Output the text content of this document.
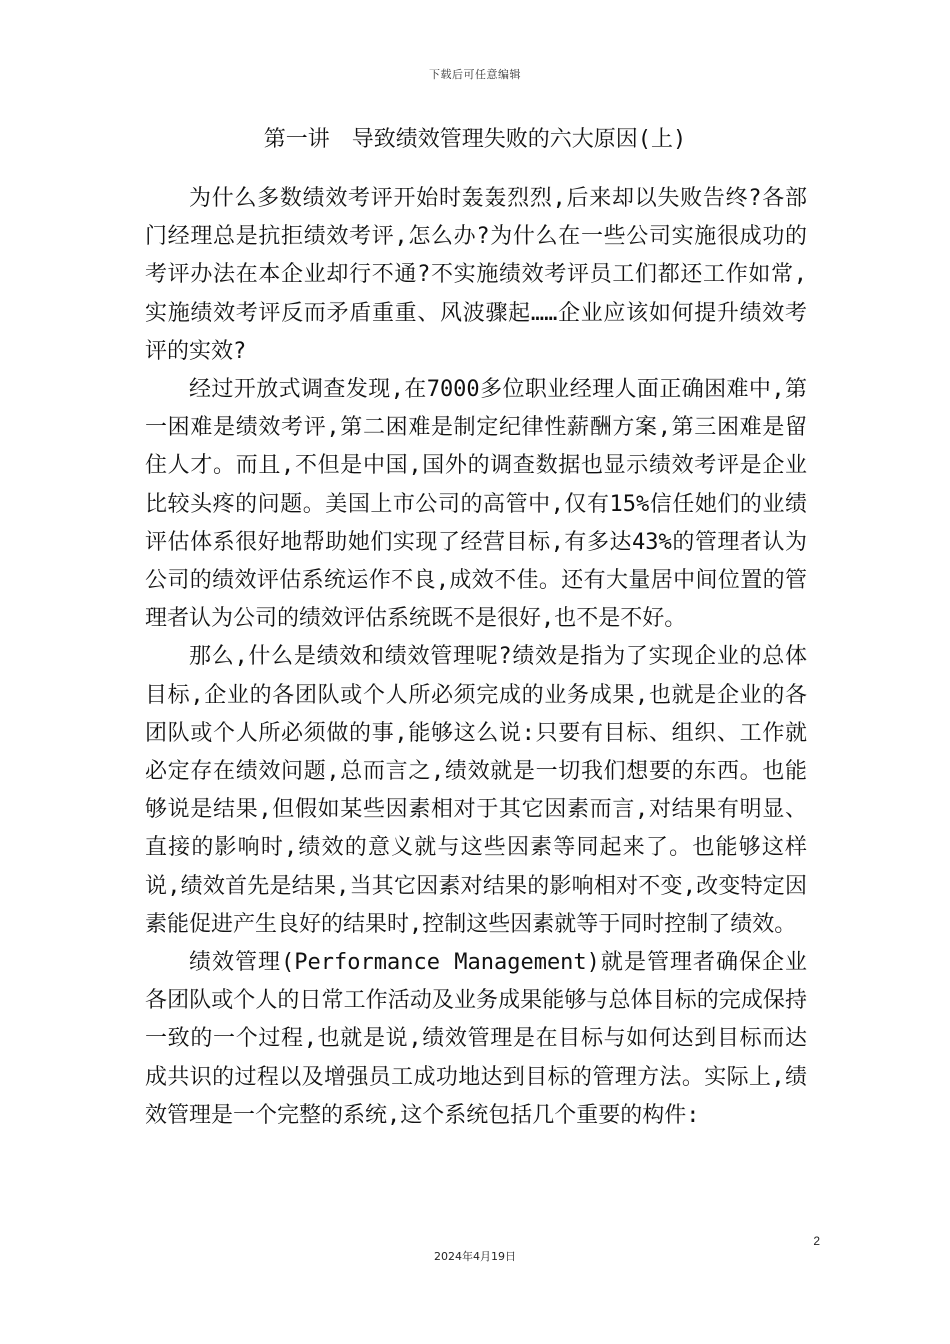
下载后可任意编辑
第一讲　导致绩效管理失败的六大原因(上)

为什么多数绩效考评开始时轰轰烈烈,后来却以失败告终?各部门经理总是抗拒绩效考评,怎么办?为什么在一些公司实施很成功的考评办法在本企业却行不通?不实施绩效考评员工们都还工作如常,实施绩效考评反而矛盾重重、风波骤起……企业应该如何提升绩效考评的实效?

经过开放式调查发现,在7000多位职业经理人面正确困难中,第一困难是绩效考评,第二困难是制定纪律性薪酬方案,第三困难是留住人才。而且,不但是中国,国外的调查数据也显示绩效考评是企业比较头疼的问题。美国上市公司的高管中,仅有15%信任她们的业绩评估体系很好地帮助她们实现了经营目标,有多达43%的管理者认为公司的绩效评估系统运作不良,成效不佳。还有大量居中间位置的管理者认为公司的绩效评估系统既不是很好,也不是不好。

那么,什么是绩效和绩效管理呢?绩效是指为了实现企业的总体目标,企业的各团队或个人所必须完成的业务成果,也就是企业的各团队或个人所必须做的事,能够这么说:只要有目标、组织、工作就必定存在绩效问题,总而言之,绩效就是一切我们想要的东西。也能够说是结果,但假如某些因素相对于其它因素而言,对结果有明显、直接的影响时,绩效的意义就与这些因素等同起来了。也能够这样说,绩效首先是结果,当其它因素对结果的影响相对不变,改变特定因素能促进产生良好的结果时,控制这些因素就等于同时控制了绩效。

绩效管理(Performance Management)就是管理者确保企业各团队或个人的日常工作活动及业务成果能够与总体目标的完成保持一致的一个过程,也就是说,绩效管理是在目标与如何达到目标而达成共识的过程以及增强员工成功地达到目标的管理方法。实际上,绩效管理是一个完整的系统,这个系统包括几个重要的构件:

2
2024年4月19日
